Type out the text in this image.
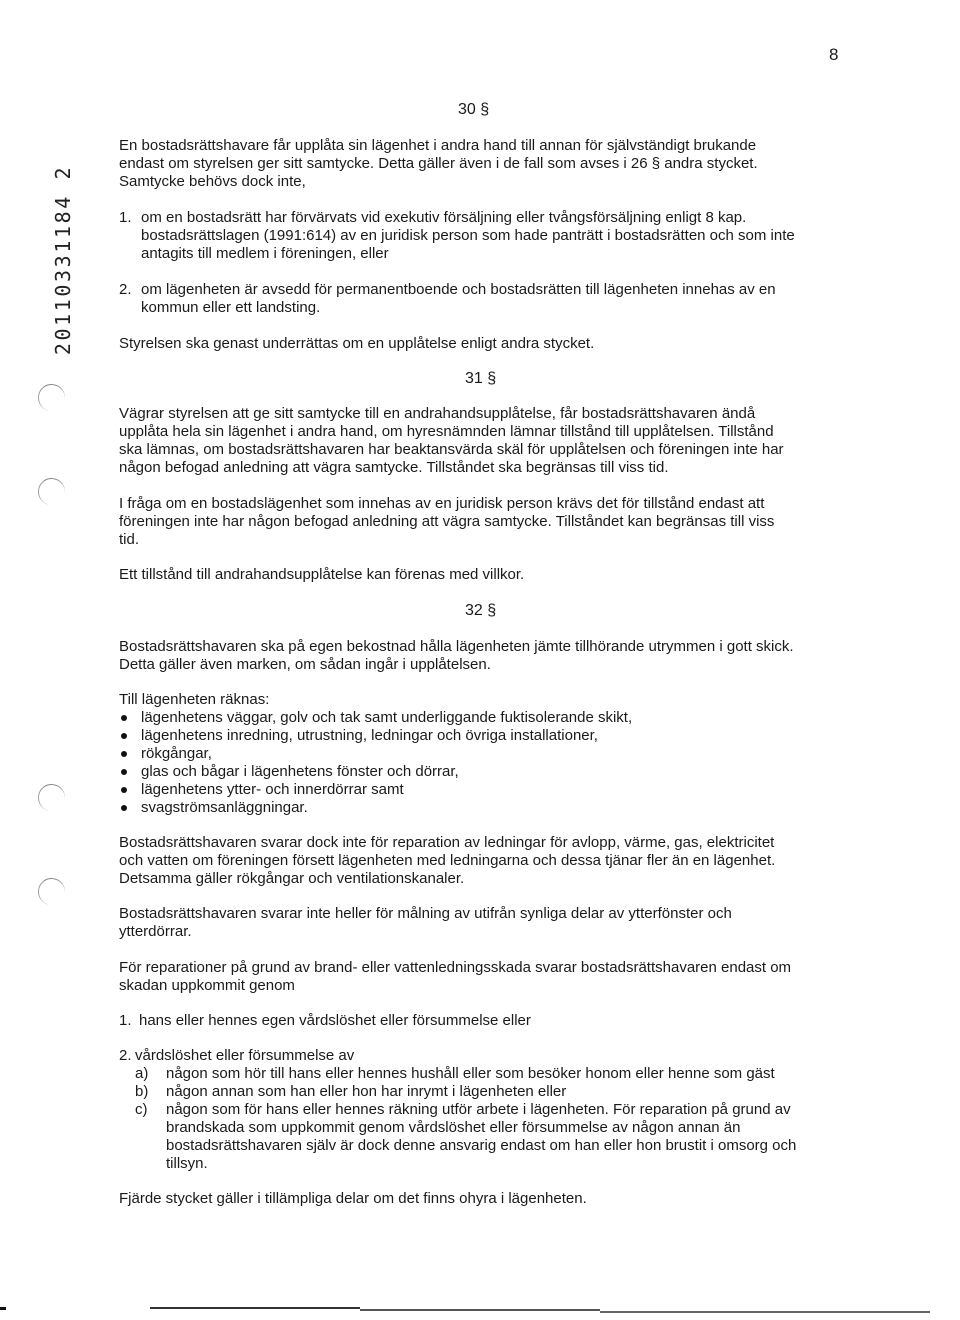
8
20110331184 2
30 §
En bostadsrättshavare får upplåta sin lägenhet i andra hand till annan för självständigt brukande
endast om styrelsen ger sitt samtycke. Detta gäller även i de fall som avses i 26 § andra stycket.
Samtycke behövs dock inte,
1. om en bostadsrätt har förvärvats vid exekutiv försäljning eller tvångsförsäljning enligt 8 kap.
bostadsrättslagen (1991:614) av en juridisk person som hade panträtt i bostadsrätten och som inte
antagits till medlem i föreningen, eller
2. om lägenheten är avsedd för permanentboende och bostadsrätten till lägenheten innehas av en
kommun eller ett landsting.
Styrelsen ska genast underrättas om en upplåtelse enligt andra stycket.
31 §
Vägrar styrelsen att ge sitt samtycke till en andrahandsupplåtelse, får bostadsrättshavaren ändå
upplåta hela sin lägenhet i andra hand, om hyresnämnden lämnar tillstånd till upplåtelsen. Tillstånd
ska lämnas, om bostadsrättshavaren har beaktansvärda skäl för upplåtelsen och föreningen inte har
någon befogad anledning att vägra samtycke. Tillståndet ska begränsas till viss tid.
I fråga om en bostadslägenhet som innehas av en juridisk person krävs det för tillstånd endast att
föreningen inte har någon befogad anledning att vägra samtycke. Tillståndet kan begränsas till viss
tid.
Ett tillstånd till andrahandsupplåtelse kan förenas med villkor.
32 §
Bostadsrättshavaren ska på egen bekostnad hålla lägenheten jämte tillhörande utrymmen i gott skick.
Detta gäller även marken, om sådan ingår i upplåtelsen.
Till lägenheten räknas:
lägenhetens väggar, golv och tak samt underliggande fuktisolerande skikt,
lägenhetens inredning, utrustning, ledningar och övriga installationer,
rökgångar,
glas och bågar i lägenhetens fönster och dörrar,
lägenhetens ytter- och innerdörrar samt
svagströmsanläggningar.
Bostadsrättshavaren svarar dock inte för reparation av ledningar för avlopp, värme, gas, elektricitet
och vatten om föreningen försett lägenheten med ledningarna och dessa tjänar fler än en lägenhet.
Detsamma gäller rökgångar och ventilationskanaler.
Bostadsrättshavaren svarar inte heller för målning av utifrån synliga delar av ytterfönster och
ytterdörrar.
För reparationer på grund av brand- eller vattenledningsskada svarar bostadsrättshavaren endast om
skadan uppkommit genom
1. hans eller hennes egen vårdslöshet eller försummelse eller
2. vårdslöshet eller försummelse av
a) någon som hör till hans eller hennes hushåll eller som besöker honom eller henne som gäst
b) någon annan som han eller hon har inrymt i lägenheten eller
c) någon som för hans eller hennes räkning utför arbete i lägenheten. För reparation på grund av
brandskada som uppkommit genom vårdslöshet eller försummelse av någon annan än
bostadsrättshavaren själv är dock denne ansvarig endast om han eller hon brustit i omsorg och
tillsyn.
Fjärde stycket gäller i tillämpliga delar om det finns ohyra i lägenheten.
